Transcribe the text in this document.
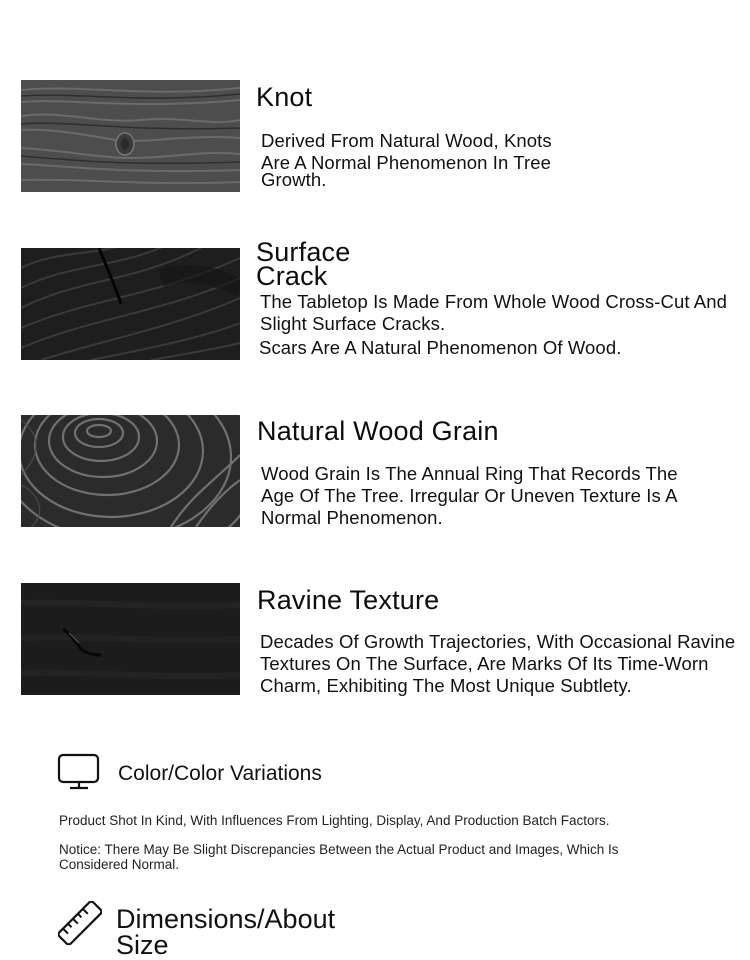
Knot
Derived From Natural Wood, Knots
Are A Normal Phenomenon In Tree
Growth.
Surface
Crack
The Tabletop Is Made From Whole Wood Cross-Cut And
Slight Surface Cracks.
Scars Are A Natural Phenomenon Of Wood.
Natural Wood Grain
Wood Grain Is The Annual Ring That Records The
Age Of The Tree. Irregular Or Uneven Texture Is A
Normal Phenomenon.
Ravine Texture
Decades Of Growth Trajectories, With Occasional Ravine
Textures On The Surface, Are Marks Of Its Time-Worn
Charm, Exhibiting The Most Unique Subtlety.
Color/Color Variations
Product Shot In Kind, With Influences From Lighting, Display, And Production Batch Factors.
Notice: There May Be Slight Discrepancies Between the Actual Product and Images, Which Is
Considered Normal.
Dimensions/About
Size
